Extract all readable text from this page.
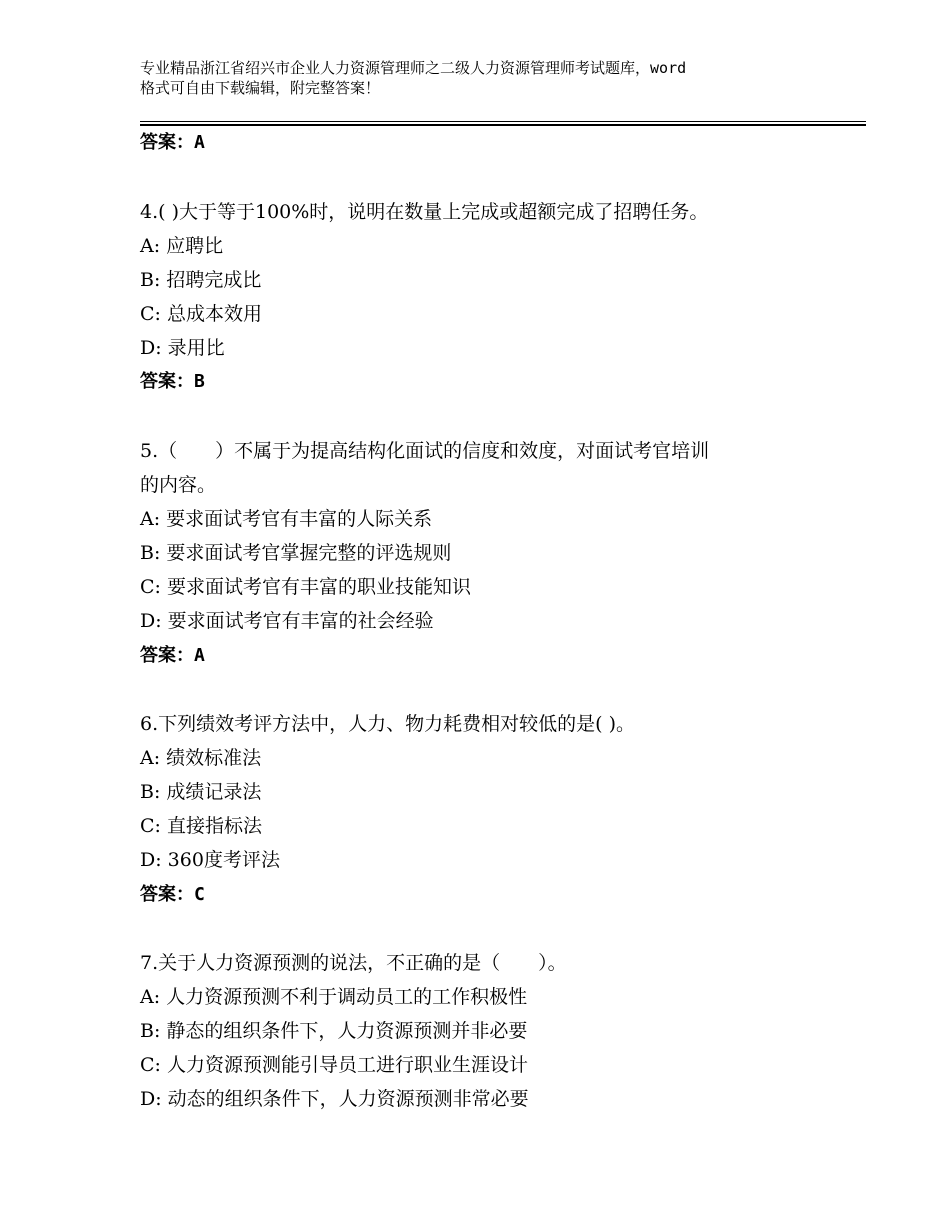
专业精品浙江省绍兴市企业人力资源管理师之二级人力资源管理师考试题库，word
格式可自由下载编辑，附完整答案！
答案：A
4.( )大于等于100%时，说明在数量上完成或超额完成了招聘任务。
A: 应聘比
B: 招聘完成比
C: 总成本效用
D: 录用比
答案：B
5.（　　）不属于为提高结构化面试的信度和效度，对面试考官培训
的内容。
A: 要求面试考官有丰富的人际关系
B: 要求面试考官掌握完整的评选规则
C: 要求面试考官有丰富的职业技能知识
D: 要求面试考官有丰富的社会经验
答案：A
6.下列绩效考评方法中，人力、物力耗费相对较低的是( )。
A: 绩效标准法
B: 成绩记录法
C: 直接指标法
D: 360度考评法
答案：C
7.关于人力资源预测的说法，不正确的是（　　）。
A: 人力资源预测不利于调动员工的工作积极性
B: 静态的组织条件下，人力资源预测并非必要
C: 人力资源预测能引导员工进行职业生涯设计
D: 动态的组织条件下，人力资源预测非常必要
